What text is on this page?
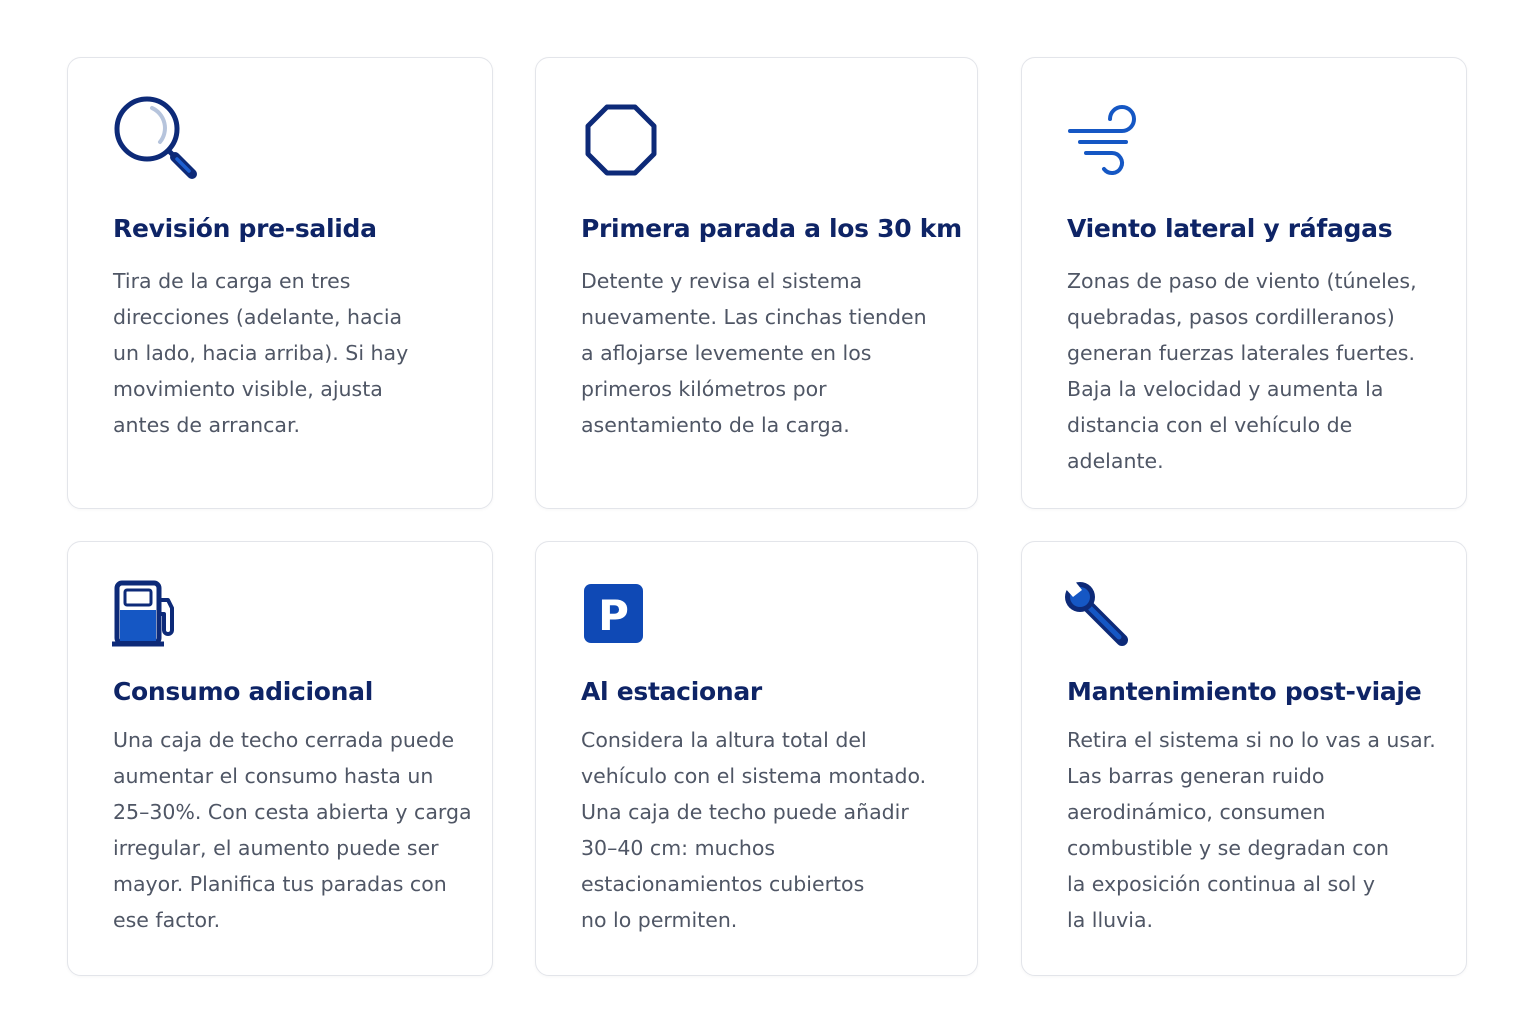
Revisión pre-salida
Tira de la carga en tres
direcciones (adelante, hacia
un lado, hacia arriba). Si hay
movimiento visible, ajusta
antes de arrancar.
Primera parada a los 30 km
Detente y revisa el sistema
nuevamente. Las cinchas tienden
a aflojarse levemente en los
primeros kilómetros por
asentamiento de la carga.
Viento lateral y ráfagas
Zonas de paso de viento (túneles,
quebradas, pasos cordilleranos)
generan fuerzas laterales fuertes.
Baja la velocidad y aumenta la
distancia con el vehículo de
adelante.
Consumo adicional
Una caja de techo cerrada puede
aumentar el consumo hasta un
25–30%. Con cesta abierta y carga
irregular, el aumento puede ser
mayor. Planifica tus paradas con
ese factor.
P
Al estacionar
Considera la altura total del
vehículo con el sistema montado.
Una caja de techo puede añadir
30–40 cm: muchos
estacionamientos cubiertos
no lo permiten.
Mantenimiento post-viaje
Retira el sistema si no lo vas a usar.
Las barras generan ruido
aerodinámico, consumen
combustible y se degradan con
la exposición continua al sol y
la lluvia.
